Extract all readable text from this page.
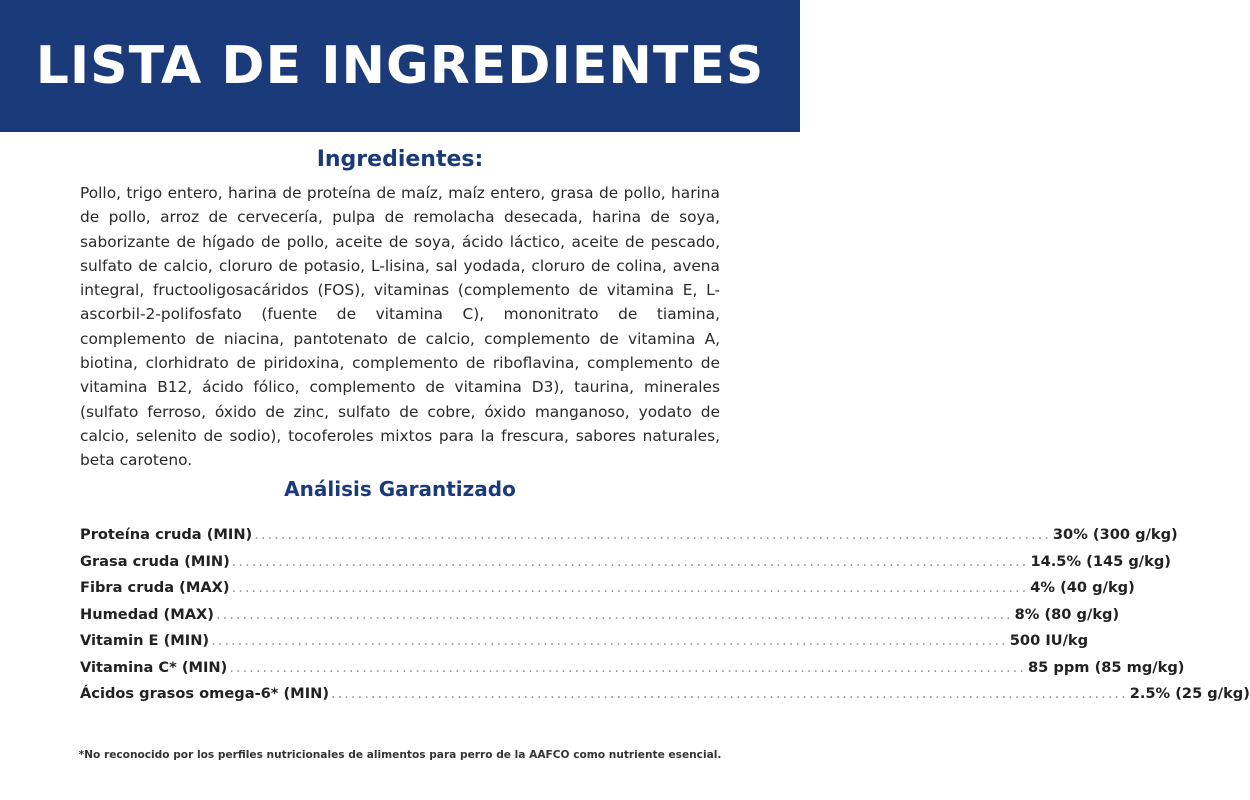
LISTA DE INGREDIENTES
Ingredientes:
Pollo, trigo entero, harina de proteína de maíz, maíz entero, grasa de pollo, harina de pollo, arroz de cervecería, pulpa de remolacha desecada, harina de soya, saborizante de hígado de pollo, aceite de soya, ácido láctico, aceite de pescado, sulfato de calcio, cloruro de potasio, L-lisina, sal yodada, cloruro de colina, avena integral, fructooligosacáridos (FOS), vitaminas (complemento de vitamina E, L-ascorbil-2-polifosfato (fuente de vitamina C), mononitrato de tiamina, complemento de niacina, pantotenato de calcio, complemento de vitamina A, biotina, clorhidrato de piridoxina, complemento de riboflavina, complemento de vitamina B12, ácido fólico, complemento de vitamina D3), taurina, minerales (sulfato ferroso, óxido de zinc, sulfato de cobre, óxido manganoso, yodato de calcio, selenito de sodio), tocoferoles mixtos para la frescura, sabores naturales, beta caroteno.
Análisis Garantizado
Proteína cruda (MIN) ........................................................................................................................ 30% (300 g/kg)
Grasa cruda (MIN) ........................................................................................................................ 14.5% (145 g/kg)
Fibra cruda (MAX) ........................................................................................................................ 4% (40 g/kg)
Humedad (MAX) ........................................................................................................................ 8% (80 g/kg)
Vitamin E (MIN) ........................................................................................................................ 500 IU/kg
Vitamina C* (MIN) ........................................................................................................................ 85 ppm (85 mg/kg)
Ácidos grasos omega-6* (MIN) ........................................................................................................................ 2.5% (25 g/kg)
*No reconocido por los perfiles nutricionales de alimentos para perro de la AAFCO como nutriente esencial.
